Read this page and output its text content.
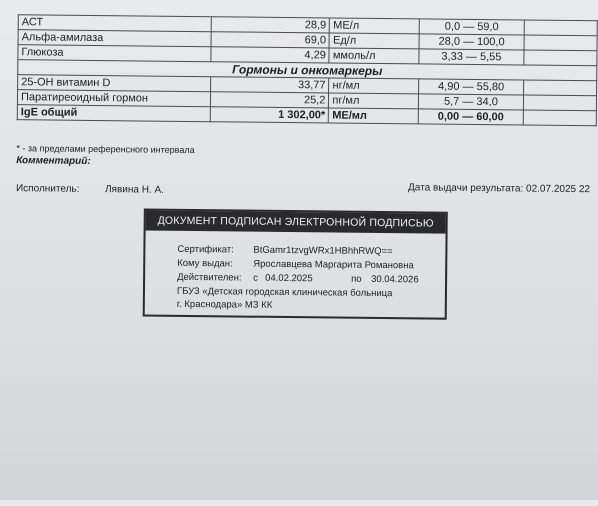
АСТ	28,9	МЕ/л	0,0 — 59,0	
Альфа-амилаза	69,0	Ед/л	28,0 — 100,0	
Глюкоза	4,29	ммоль/л	3,33 — 5,55	
Гормоны и онкомаркеры				
25-OH витамин D	33,77	нг/мл	4,90 — 55,80	
Паратиреоидный гормон	25,2	пг/мл	5,7 — 34,0	
IgE общий	1 302,00*	МЕ/мл	0,00 — 60,00	
* - за пределами референсного интервала
Комментарий:
Исполнитель:	Лявина Н. А.	Дата выдачи результата: 02.07.2025 22
ДОКУМЕНТ ПОДПИСАН ЭЛЕКТРОННОЙ ПОДПИСЬЮ
Сертификат: BtGamr1tzvgWRx1HBhhRWQ==
Кому выдан: Ярославцева Маргарита Романовна
Действителен: с 04.02.2025	по 30.04.2026
ГБУЗ «Детская городская клиническая больница
г. Краснодара» МЗ КК
